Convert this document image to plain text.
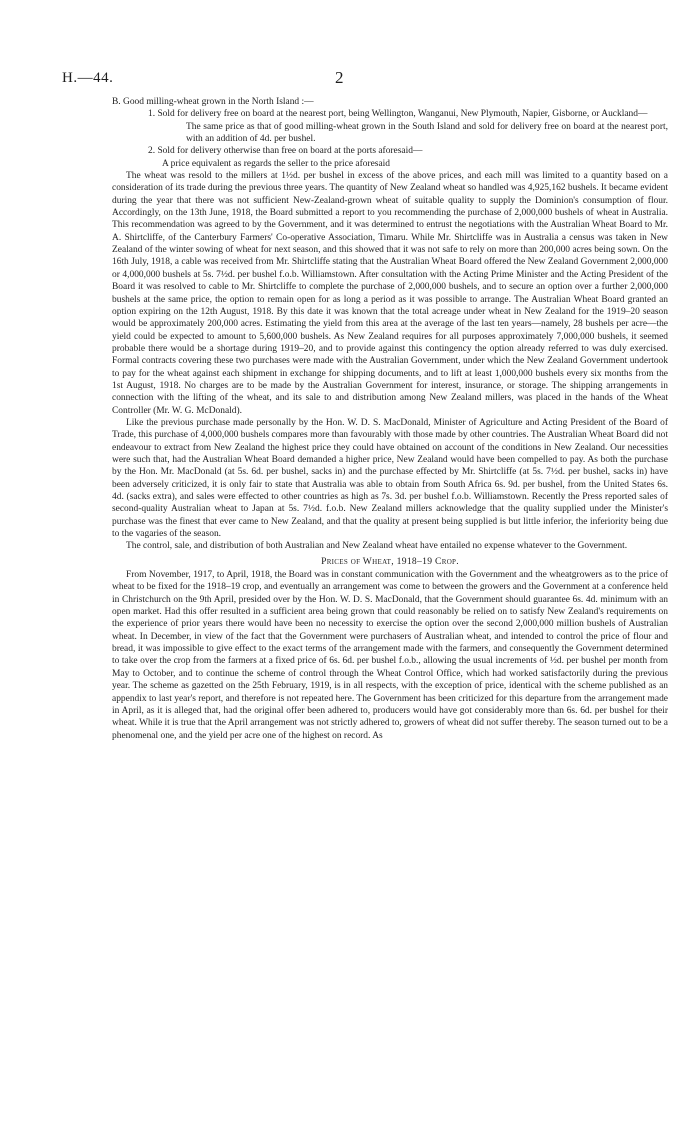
H.—44.	2

B. Good milling-wheat grown in the North Island :—

1. Sold for delivery free on board at the nearest port, being Wellington, Wanganui, New Plymouth, Napier, Gisborne, or Auckland—

The same price as that of good milling-wheat grown in the South Island and sold for delivery free on board at the nearest port, with an addition of 4d. per bushel.

2. Sold for delivery otherwise than free on board at the ports aforesaid—

A price equivalent as regards the seller to the price aforesaid

The wheat was resold to the millers at 1½d. per bushel in excess of the above prices, and each mill was limited to a quantity based on a consideration of its trade during the previous three years. The quantity of New Zealand wheat so handled was 4,925,162 bushels. It became evident during the year that there was not sufficient New-Zealand-grown wheat of suitable quality to supply the Dominion's consumption of flour. Accordingly, on the 13th June, 1918, the Board submitted a report to you recommending the purchase of 2,000,000 bushels of wheat in Australia. This recommendation was agreed to by the Government, and it was determined to entrust the negotiations with the Australian Wheat Board to Mr. A. Shirtcliffe, of the Canterbury Farmers' Co-operative Association, Timaru. While Mr. Shirtcliffe was in Australia a census was taken in New Zealand of the winter sowing of wheat for next season, and this showed that it was not safe to rely on more than 200,000 acres being sown. On the 16th July, 1918, a cable was received from Mr. Shirtcliffe stating that the Australian Wheat Board offered the New Zealand Government 2,000,000 or 4,000,000 bushels at 5s. 7½d. per bushel f.o.b. Williamstown. After consultation with the Acting Prime Minister and the Acting President of the Board it was resolved to cable to Mr. Shirtcliffe to complete the purchase of 2,000,000 bushels, and to secure an option over a further 2,000,000 bushels at the same price, the option to remain open for as long a period as it was possible to arrange. The Australian Wheat Board granted an option expiring on the 12th August, 1918. By this date it was known that the total acreage under wheat in New Zealand for the 1919–20 season would be approximately 200,000 acres. Estimating the yield from this area at the average of the last ten years—namely, 28 bushels per acre—the yield could be expected to amount to 5,600,000 bushels. As New Zealand requires for all purposes approximately 7,000,000 bushels, it seemed probable there would be a shortage during 1919–20, and to provide against this contingency the option already referred to was duly exercised. Formal contracts covering these two purchases were made with the Australian Government, under which the New Zealand Government undertook to pay for the wheat against each shipment in exchange for shipping documents, and to lift at least 1,000,000 bushels every six months from the 1st August, 1918. No charges are to be made by the Australian Government for interest, insurance, or storage. The shipping arrangements in connection with the lifting of the wheat, and its sale to and distribution among New Zealand millers, was placed in the hands of the Wheat Controller (Mr. W. G. McDonald).

Like the previous purchase made personally by the Hon. W. D. S. MacDonald, Minister of Agriculture and Acting President of the Board of Trade, this purchase of 4,000,000 bushels compares more than favourably with those made by other countries. The Australian Wheat Board did not endeavour to extract from New Zealand the highest price they could have obtained on account of the conditions in New Zealand. Our necessities were such that, had the Australian Wheat Board demanded a higher price, New Zealand would have been compelled to pay. As both the purchase by the Hon. Mr. MacDonald (at 5s. 6d. per bushel, sacks in) and the purchase effected by Mr. Shirtcliffe (at 5s. 7½d. per bushel, sacks in) have been adversely criticized, it is only fair to state that Australia was able to obtain from South Africa 6s. 9d. per bushel, from the United States 6s. 4d. (sacks extra), and sales were effected to other countries as high as 7s. 3d. per bushel f.o.b. Williamstown. Recently the Press reported sales of second-quality Australian wheat to Japan at 5s. 7½d. f.o.b. New Zealand millers acknowledge that the quality supplied under the Minister's purchase was the finest that ever came to New Zealand, and that the quality at present being supplied is but little inferior, the inferiority being due to the vagaries of the season.

The control, sale, and distribution of both Australian and New Zealand wheat have entailed no expense whatever to the Government.

Prices of Wheat, 1918–19 Crop.

From November, 1917, to April, 1918, the Board was in constant communication with the Government and the wheatgrowers as to the price of wheat to be fixed for the 1918–19 crop, and eventually an arrangement was come to between the growers and the Government at a conference held in Christchurch on the 9th April, presided over by the Hon. W. D. S. MacDonald, that the Government should guarantee 6s. 4d. minimum with an open market. Had this offer resulted in a sufficient area being grown that could reasonably be relied on to satisfy New Zealand's requirements on the experience of prior years there would have been no necessity to exercise the option over the second 2,000,000 million bushels of Australian wheat. In December, in view of the fact that the Government were purchasers of Australian wheat, and intended to control the price of flour and bread, it was impossible to give effect to the exact terms of the arrangement made with the farmers, and consequently the Government determined to take over the crop from the farmers at a fixed price of 6s. 6d. per bushel f.o.b., allowing the usual increments of ½d. per bushel per month from May to October, and to continue the scheme of control through the Wheat Control Office, which had worked satisfactorily during the previous year. The scheme as gazetted on the 25th February, 1919, is in all respects, with the exception of price, identical with the scheme published as an appendix to last year's report, and therefore is not repeated here. The Government has been criticized for this departure from the arrangement made in April, as it is alleged that, had the original offer been adhered to, producers would have got considerably more than 6s. 6d. per bushel for their wheat. While it is true that the April arrangement was not strictly adhered to, growers of wheat did not suffer thereby. The season turned out to be a phenomenal one, and the yield per acre one of the highest on record. As
